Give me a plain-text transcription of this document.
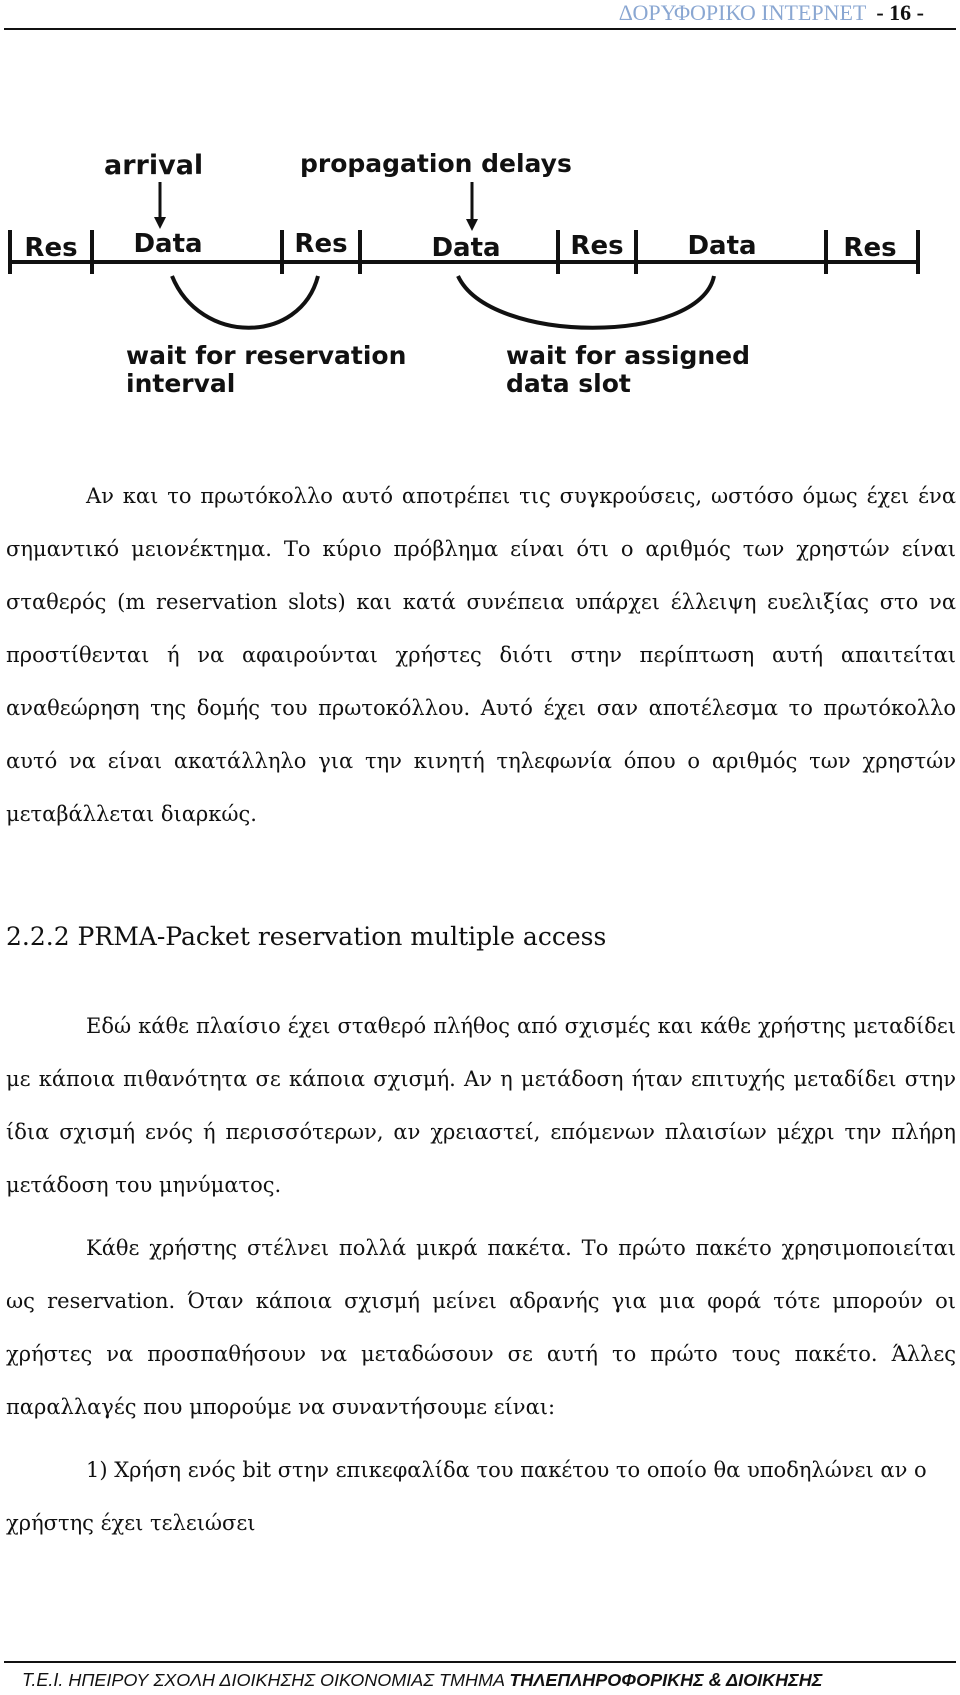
ΔΟΡΥΦΟΡΙΚΟ ΙΝΤΕΡΝΕΤ - 16 -
arrival	propagation delays
Res Data	Res	Data	Res Data	Res
wait for reservation
interval
wait for assigned
data slot

Αν και το πρωτόκολλο αυτό αποτρέπει τις συγκρούσεις, ωστόσο όμως έχει ένα σημαντικό μειονέκτημα. Το κύριο πρόβλημα είναι ότι ο αριθμός των χρηστών είναι σταθερός (m reservation slots) και κατά συνέπεια υπάρχει έλλειψη ευελιξίας στο να προστίθενται ή να αφαιρούνται χρήστες διότι στην περίπτωση αυτή απαιτείται αναθεώρηση της δομής του πρωτοκόλλου. Αυτό έχει σαν αποτέλεσμα το πρωτόκολλο αυτό να είναι ακατάλληλο για την κινητή τηλεφωνία όπου ο αριθμός των χρηστών μεταβάλλεται διαρκώς.

2.2.2 PRMA-Packet reservation multiple access

Εδώ κάθε πλαίσιο έχει σταθερό πλήθος από σχισμές και κάθε χρήστης μεταδίδει με κάποια πιθανότητα σε κάποια σχισμή. Αν η μετάδοση ήταν επιτυχής μεταδίδει στην ίδια σχισμή ενός ή περισσότερων, αν χρειαστεί, επόμενων πλαισίων μέχρι την πλήρη μετάδοση του μηνύματος.

Κάθε χρήστης στέλνει πολλά μικρά πακέτα. Το πρώτο πακέτο χρησιμοποιείται ως reservation. Όταν κάποια σχισμή μείνει αδρανής για μια φορά τότε μπορούν οι χρήστες να προσπαθήσουν να μεταδώσουν σε αυτή το πρώτο τους πακέτο. Άλλες παραλλαγές που μπορούμε να συναντήσουμε είναι:

1) Χρήση ενός bit στην επικεφαλίδα του πακέτου το οποίο θα υποδηλώνει αν ο χρήστης έχει τελειώσει

T.E.I. ΗΠΕΙΡΟΥ ΣΧΟΛΗ ΔΙΟΙΚΗΣΗΣ ΟΙΚΟΝΟΜΙΑΣ ΤΜΗΜΑ ΤΗΛΕΠΛΗΡΟΦΟΡΙΚΗΣ & ΔΙΟΙΚΗΣΗΣ
